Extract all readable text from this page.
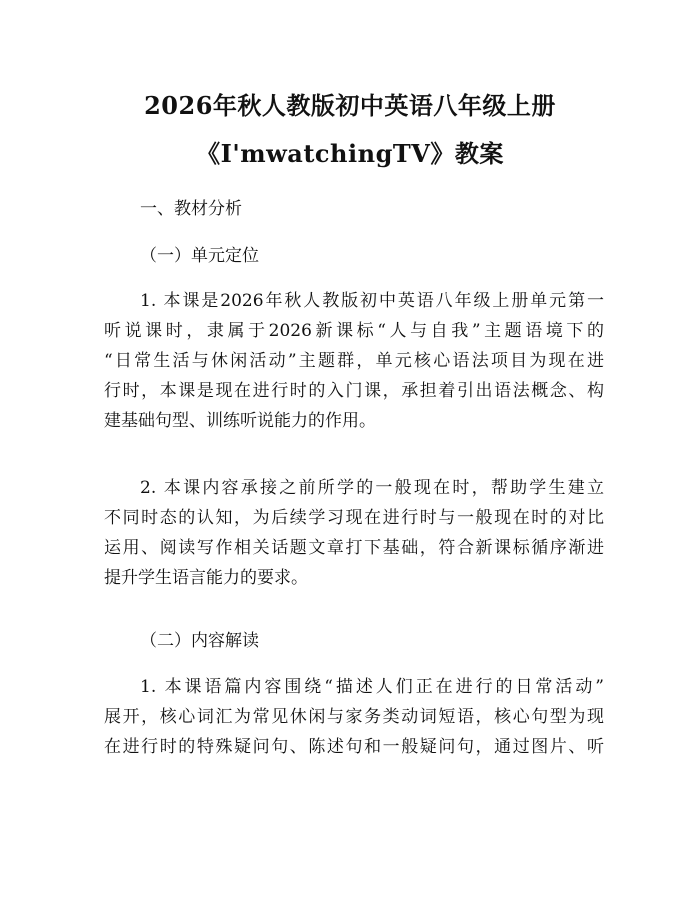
2026年秋人教版初中英语八年级上册
《I'mwatchingTV》教案
一、教材分析
（一）单元定位
1. 本课是2026年秋人教版初中英语八年级上册单元第一
听说课时，隶属于2026新课标“人与自我”主题语境下的
“日常生活与休闲活动”主题群，单元核心语法项目为现在进
行时，本课是现在进行时的入门课，承担着引出语法概念、构
建基础句型、训练听说能力的作用。
2. 本课内容承接之前所学的一般现在时，帮助学生建立
不同时态的认知，为后续学习现在进行时与一般现在时的对比
运用、阅读写作相关话题文章打下基础，符合新课标循序渐进
提升学生语言能力的要求。
（二）内容解读
1. 本课语篇内容围绕“描述人们正在进行的日常活动”
展开，核心词汇为常见休闲与家务类动词短语，核心句型为现
在进行时的特殊疑问句、陈述句和一般疑问句，通过图片、听
